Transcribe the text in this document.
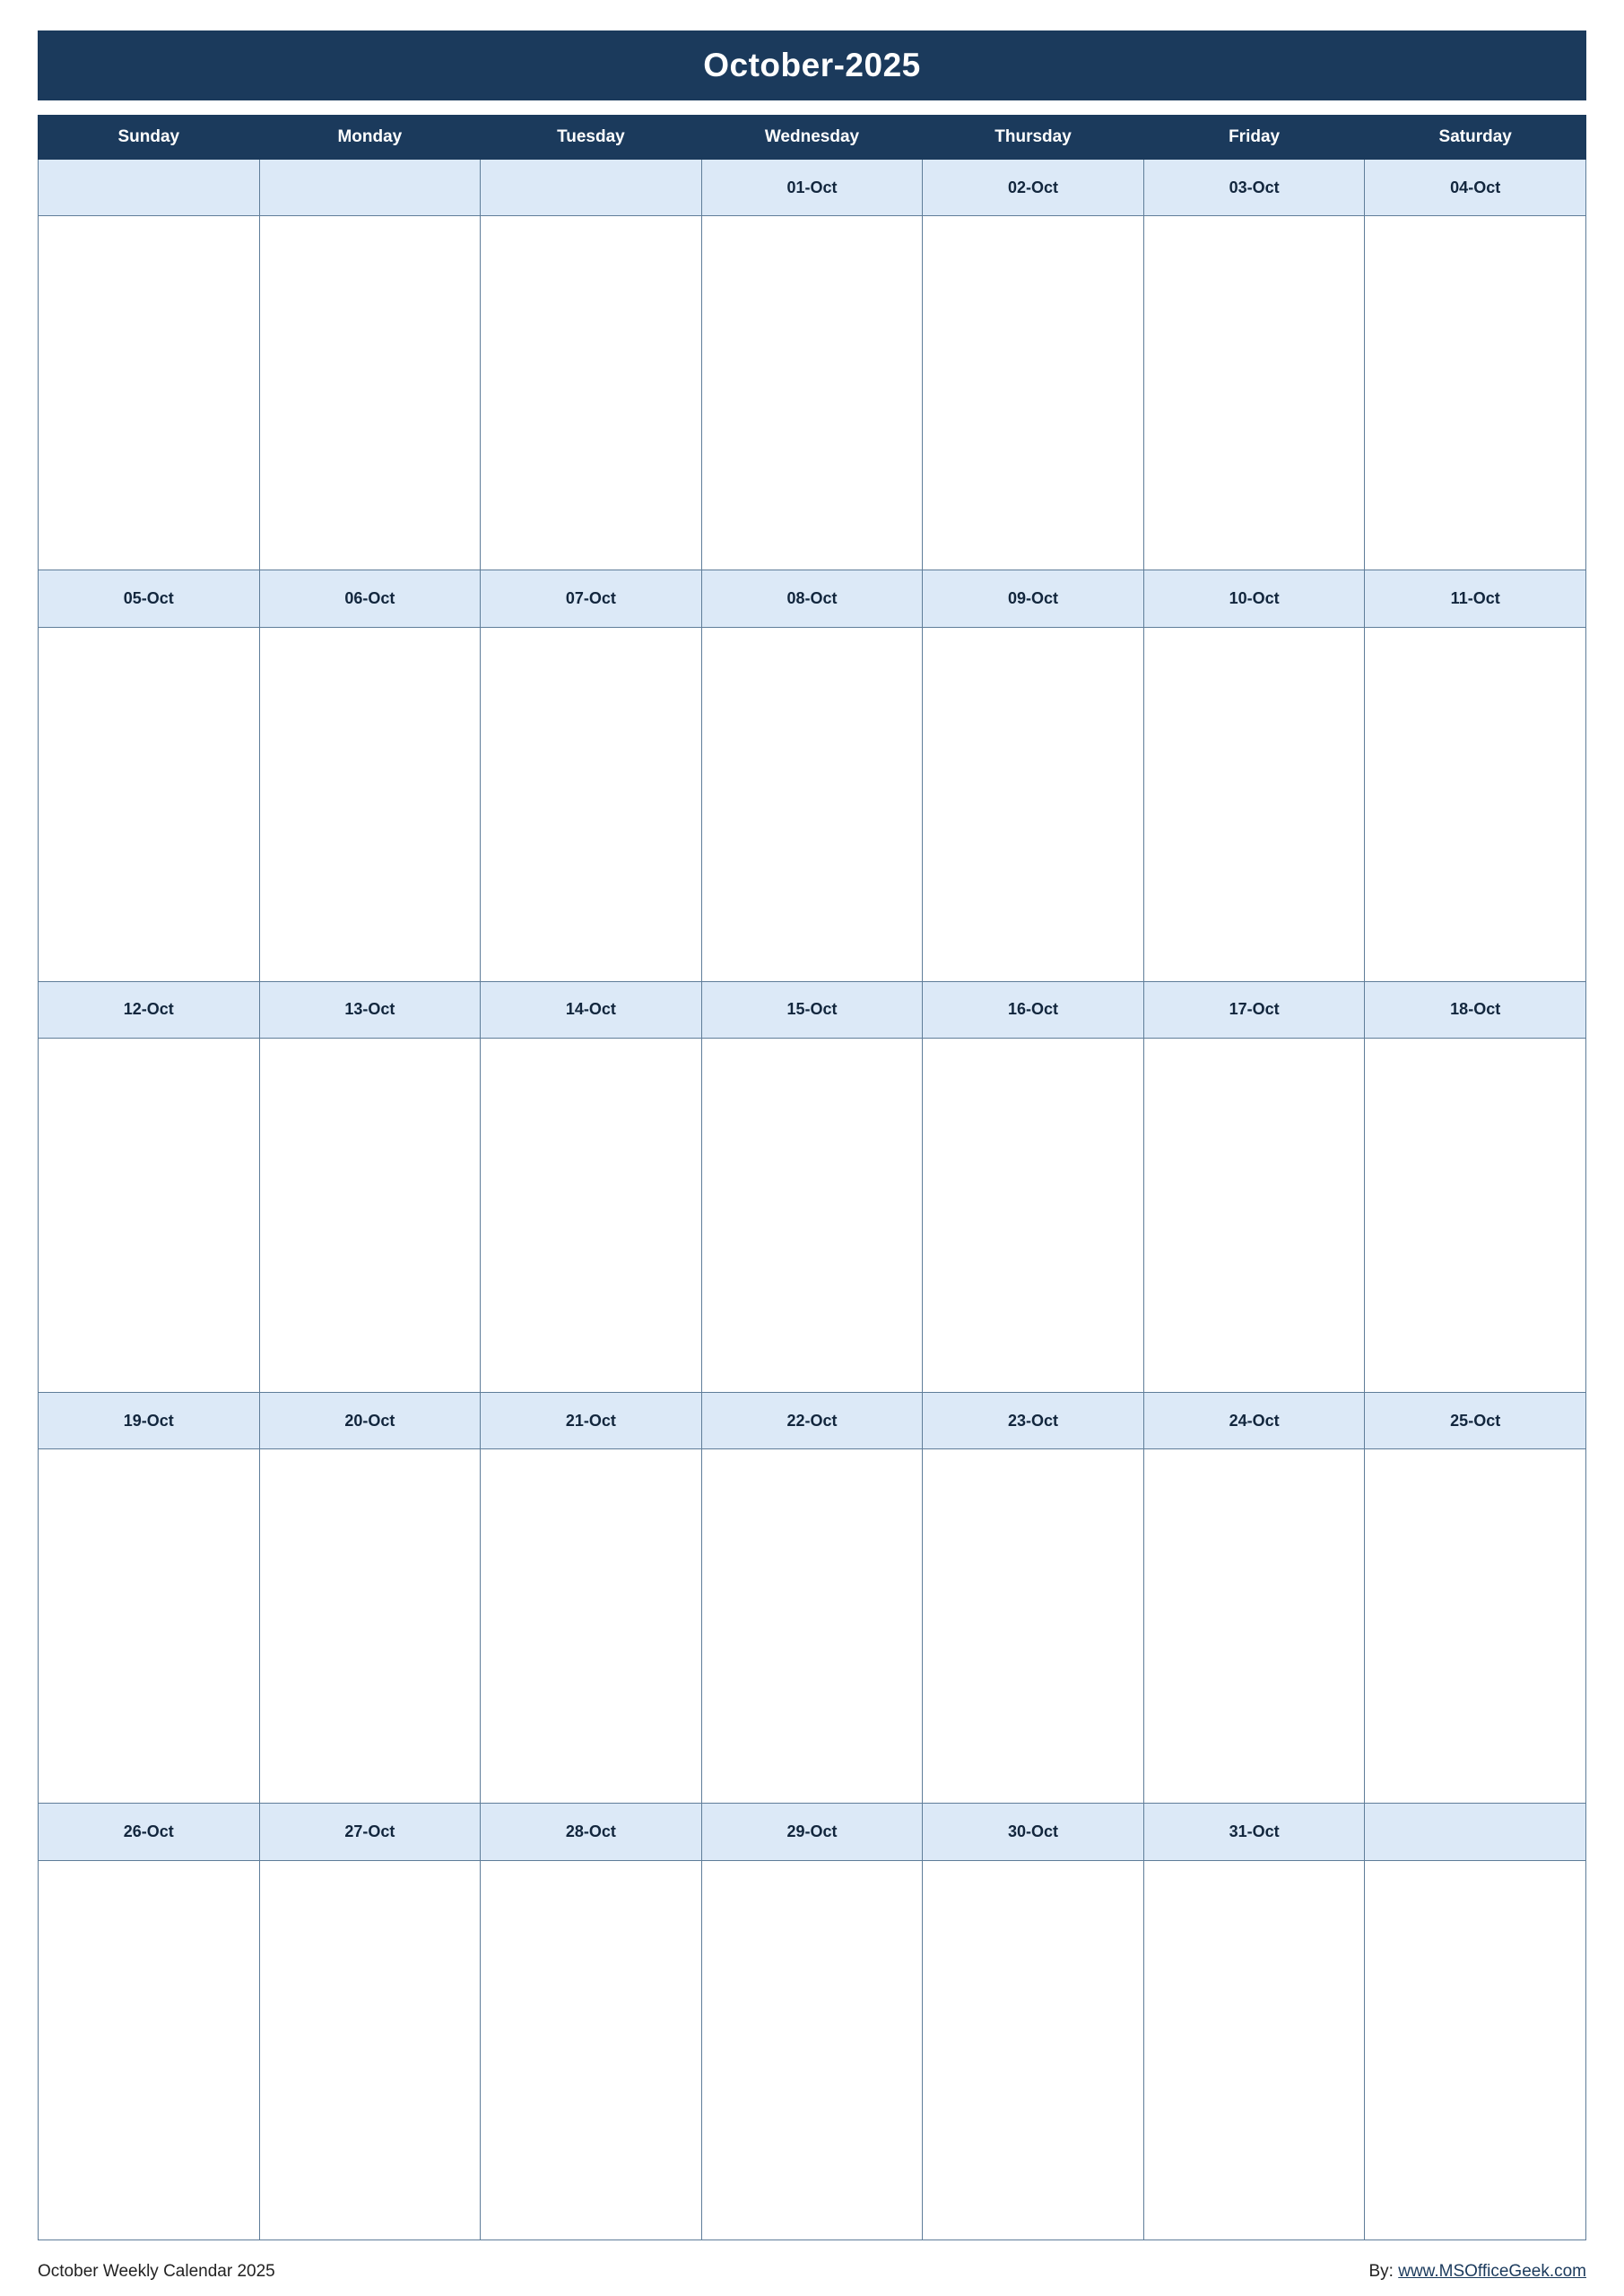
October-2025
Sunday	Monday	Tuesday	Wednesday	Thursday	Friday	Saturday
			01-Oct	02-Oct	03-Oct	04-Oct

05-Oct	06-Oct	07-Oct	08-Oct	09-Oct	10-Oct	11-Oct

12-Oct	13-Oct	14-Oct	15-Oct	16-Oct	17-Oct	18-Oct

19-Oct	20-Oct	21-Oct	22-Oct	23-Oct	24-Oct	25-Oct

26-Oct	27-Oct	28-Oct	29-Oct	30-Oct	31-Oct	

October Weekly Calendar 2025	By: www.MSOfficeGeek.com
